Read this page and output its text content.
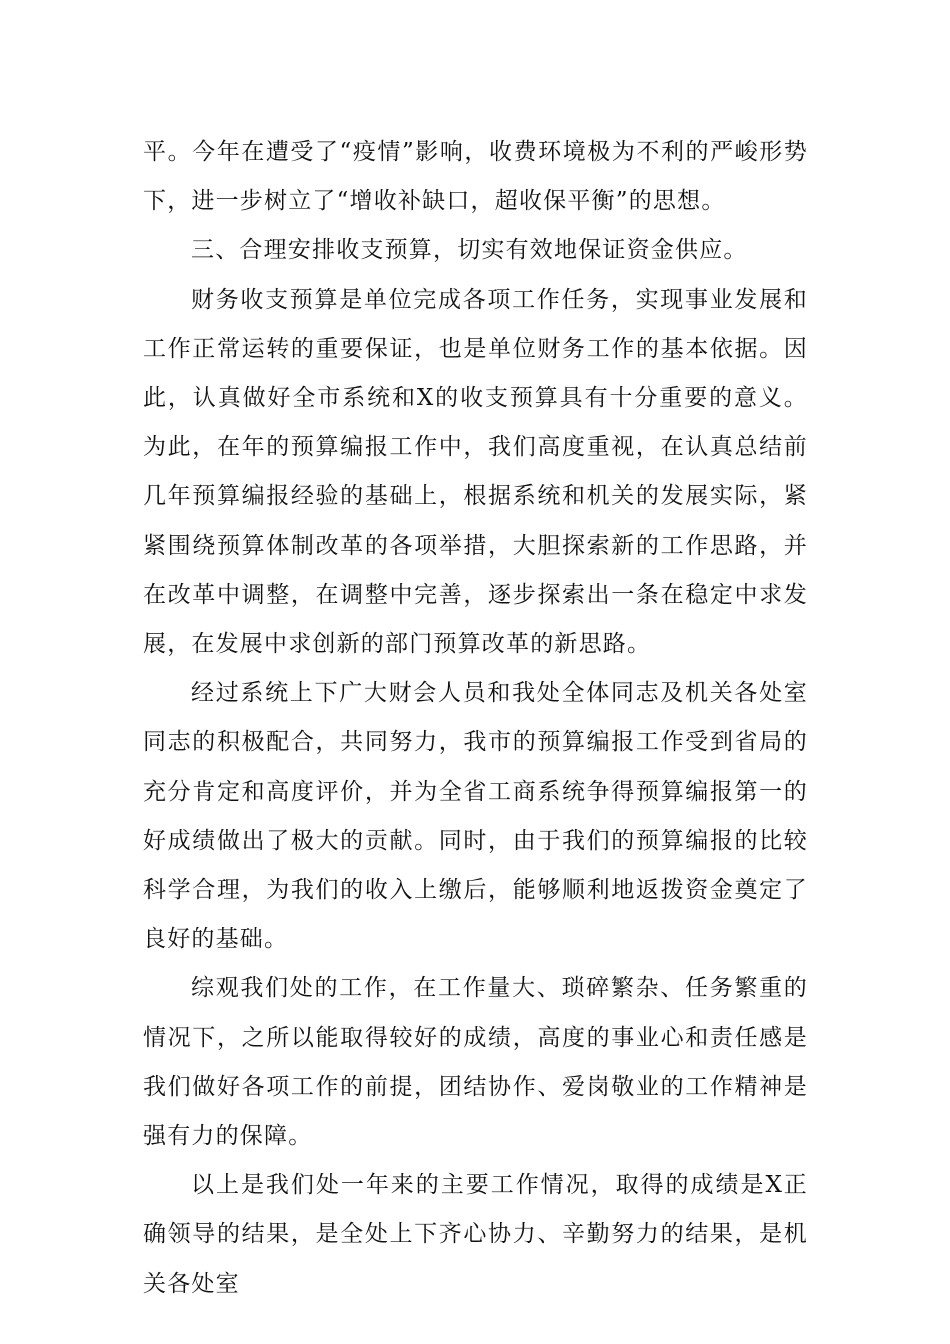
平。今年在遭受了“疫情”影响，收费环境极为不利的严峻形势下，进一步树立了“增收补缺口，超收保平衡”的思想。

三、合理安排收支预算，切实有效地保证资金供应。

财务收支预算是单位完成各项工作任务，实现事业发展和工作正常运转的重要保证，也是单位财务工作的基本依据。因此，认真做好全市系统和X的收支预算具有十分重要的意义。为此，在年的预算编报工作中，我们高度重视，在认真总结前几年预算编报经验的基础上，根据系统和机关的发展实际，紧紧围绕预算体制改革的各项举措，大胆探索新的工作思路，并在改革中调整，在调整中完善，逐步探索出一条在稳定中求发展，在发展中求创新的部门预算改革的新思路。

经过系统上下广大财会人员和我处全体同志及机关各处室同志的积极配合，共同努力，我市的预算编报工作受到省局的充分肯定和高度评价，并为全省工商系统争得预算编报第一的好成绩做出了极大的贡献。同时，由于我们的预算编报的比较科学合理，为我们的收入上缴后，能够顺利地返拨资金奠定了良好的基础。

综观我们处的工作，在工作量大、琐碎繁杂、任务繁重的情况下，之所以能取得较好的成绩，高度的事业心和责任感是我们做好各项工作的前提，团结协作、爱岗敬业的工作精神是强有力的保障。

以上是我们处一年来的主要工作情况，取得的成绩是X正确领导的结果，是全处上下齐心协力、辛勤努力的结果，是机关各处室
